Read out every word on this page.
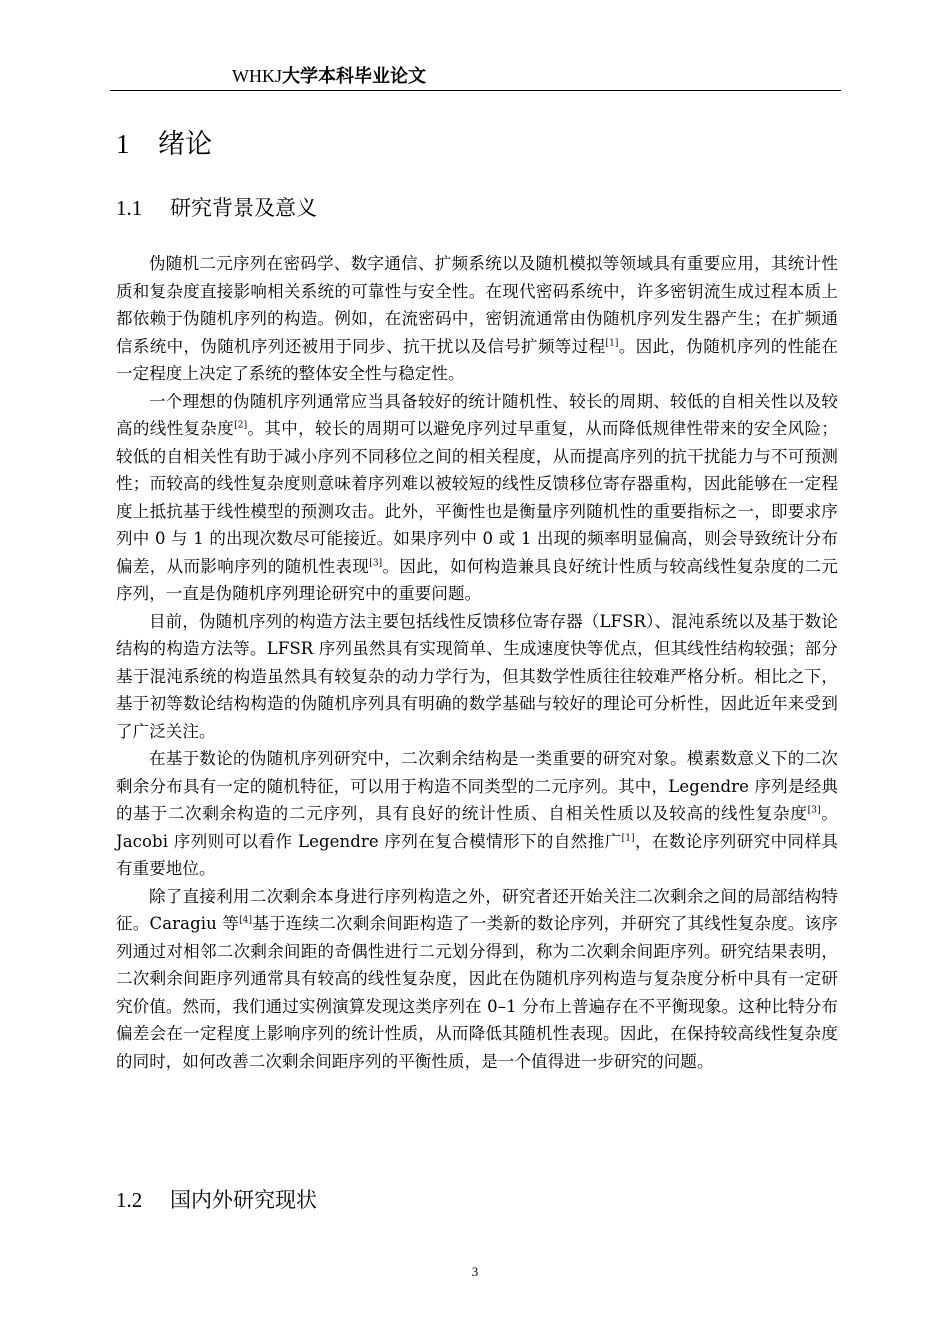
WHKJ大学本科毕业论文
1 绪论
1.1 研究背景及意义

伪随机二元序列在密码学、数字通信、扩频系统以及随机模拟等领域具有重要应用，其统计性质和复杂度直接影响相关系统的可靠性与安全性。在现代密码系统中，许多密钥流生成过程本质上都依赖于伪随机序列的构造。例如，在流密码中，密钥流通常由伪随机序列发生器产生；在扩频通信系统中，伪随机序列还被用于同步、抗干扰以及信号扩频等过程[1]。因此，伪随机序列的性能在一定程度上决定了系统的整体安全性与稳定性。

一个理想的伪随机序列通常应当具备较好的统计随机性、较长的周期、较低的自相关性以及较高的线性复杂度[2]。其中，较长的周期可以避免序列过早重复，从而降低规律性带来的安全风险；较低的自相关性有助于减小序列不同移位之间的相关程度，从而提高序列的抗干扰能力与不可预测性；而较高的线性复杂度则意味着序列难以被较短的线性反馈移位寄存器重构，因此能够在一定程度上抵抗基于线性模型的预测攻击。此外，平衡性也是衡量序列随机性的重要指标之一，即要求序列中 0 与 1 的出现次数尽可能接近。如果序列中 0 或 1 出现的频率明显偏高，则会导致统计分布偏差，从而影响序列的随机性表现[3]。因此，如何构造兼具良好统计性质与较高线性复杂度的二元序列，一直是伪随机序列理论研究中的重要问题。

目前，伪随机序列的构造方法主要包括线性反馈移位寄存器（LFSR）、混沌系统以及基于数论结构的构造方法等。LFSR 序列虽然具有实现简单、生成速度快等优点，但其线性结构较强；部分基于混沌系统的构造虽然具有较复杂的动力学行为，但其数学性质往往较难严格分析。相比之下，基于初等数论结构构造的伪随机序列具有明确的数学基础与较好的理论可分析性，因此近年来受到了广泛关注。

在基于数论的伪随机序列研究中，二次剩余结构是一类重要的研究对象。模素数意义下的二次剩余分布具有一定的随机特征，可以用于构造不同类型的二元序列。其中，Legendre 序列是经典的基于二次剩余构造的二元序列，具有良好的统计性质、自相关性质以及较高的线性复杂度[3]。Jacobi 序列则可以看作 Legendre 序列在复合模情形下的自然推广[1]，在数论序列研究中同样具有重要地位。

除了直接利用二次剩余本身进行序列构造之外，研究者还开始关注二次剩余之间的局部结构特征。Caragiu 等[4]基于连续二次剩余间距构造了一类新的数论序列，并研究了其线性复杂度。该序列通过对相邻二次剩余间距的奇偶性进行二元划分得到，称为二次剩余间距序列。研究结果表明，二次剩余间距序列通常具有较高的线性复杂度，因此在伪随机序列构造与复杂度分析中具有一定研究价值。然而，我们通过实例演算发现这类序列在 0–1 分布上普遍存在不平衡现象。这种比特分布偏差会在一定程度上影响序列的统计性质，从而降低其随机性表现。因此，在保持较高线性复杂度的同时，如何改善二次剩余间距序列的平衡性质，是一个值得进一步研究的问题。

1.2 国内外研究现状
3
